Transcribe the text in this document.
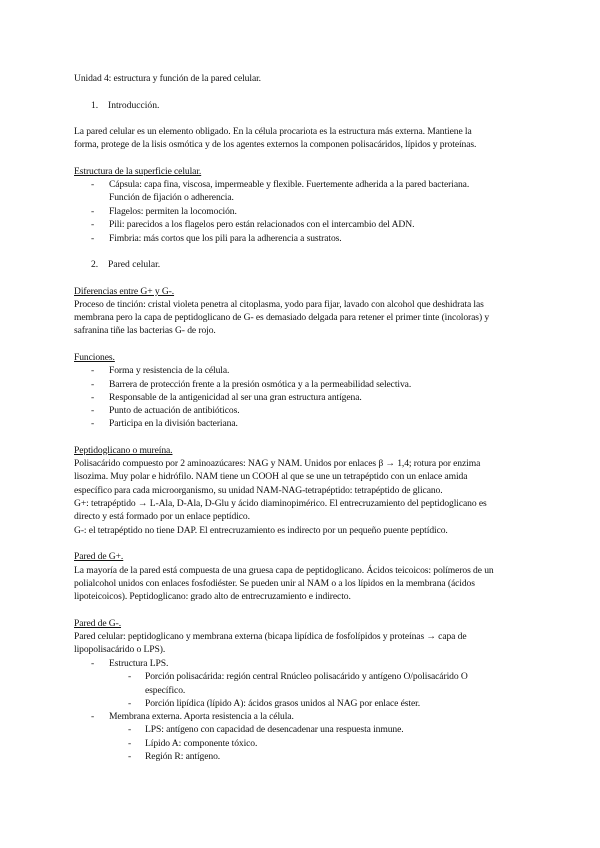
Unidad 4: estructura y función de la pared celular.
1. Introducción.
La pared celular es un elemento obligado. En la célula procariota es la estructura más externa. Mantiene la
forma, protege de la lisis osmótica y de los agentes externos la componen polisacáridos, lípidos y proteínas.
Estructura de la superficie celular.
- Cápsula: capa fina, viscosa, impermeable y flexible. Fuertemente adherida a la pared bacteriana.
Función de fijación o adherencia.
- Flagelos: permiten la locomoción.
- Pili: parecidos a los flagelos pero están relacionados con el intercambio del ADN.
- Fimbria: más cortos que los pili para la adherencia a sustratos.
2. Pared celular.
Diferencias entre G+ y G-.
Proceso de tinción: cristal violeta penetra al citoplasma, yodo para fijar, lavado con alcohol que deshidrata las
membrana pero la capa de peptidoglicano de G- es demasiado delgada para retener el primer tinte (incoloras) y
safranina tiñe las bacterias G- de rojo.
Funciones.
- Forma y resistencia de la célula.
- Barrera de protección frente a la presión osmótica y a la permeabilidad selectiva.
- Responsable de la antigenicidad al ser una gran estructura antígena.
- Punto de actuación de antibióticos.
- Participa en la división bacteriana.
Peptidoglicano o mureína.
Polisacárido compuesto por 2 aminoazúcares: NAG y NAM. Unidos por enlaces β → 1,4; rotura por enzima
lisozima. Muy polar e hidrófilo. NAM tiene un COOH al que se une un tetrapéptido con un enlace amida
específico para cada microorganismo, su unidad NAM-NAG-tetrapéptido: tetrapéptido de glicano.
G+: tetrapéptido → L-Ala, D-Ala, D-Glu y ácido diaminopimérico. El entrecruzamiento del peptidoglicano es
directo y está formado por un enlace peptídico.
G-: el tetrapéptido no tiene DAP. El entrecruzamiento es indirecto por un pequeño puente peptídico.
Pared de G+.
La mayoría de la pared está compuesta de una gruesa capa de peptidoglicano. Ácidos teicoicos: polímeros de un
polialcohol unidos con enlaces fosfodiéster. Se pueden unir al NAM o a los lípidos en la membrana (ácidos
lipoteicoicos). Peptidoglicano: grado alto de entrecruzamiento e indirecto.
Pared de G-.
Pared celular: peptidoglicano y membrana externa (bicapa lipídica de fosfolípidos y proteínas → capa de
lipopolisacárido o LPS).
- Estructura LPS.
- Porción polisacárida: región central Rnúcleo polisacárido y antígeno O/polisacárido O
específico.
- Porción lipídica (lípido A): ácidos grasos unidos al NAG por enlace éster.
- Membrana externa. Aporta resistencia a la célula.
- LPS: antígeno con capacidad de desencadenar una respuesta inmune.
- Lípido A: componente tóxico.
- Región R: antígeno.
